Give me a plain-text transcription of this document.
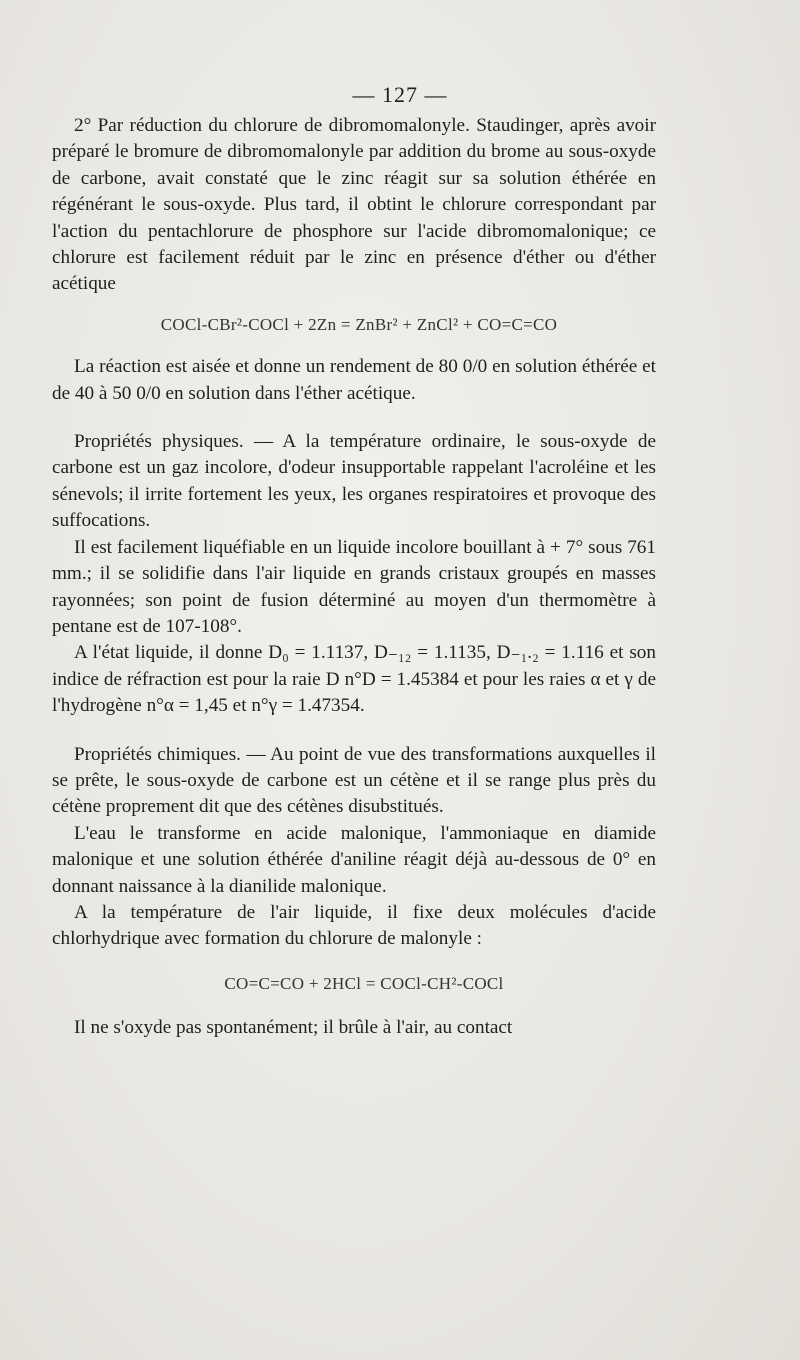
— 127 —

2° Par réduction du chlorure de dibromomalonyle. Staudinger, après avoir préparé le bromure de dibromomalonyle par addition du brome au sous-oxyde de carbone, avait constaté que le zinc réagit sur sa solution éthérée en régénérant le sous-oxyde. Plus tard, il obtint le chlorure correspondant par l'action du pentachlorure de phosphore sur l'acide dibromomalonique; ce chlorure est facilement réduit par le zinc en présence d'éther ou d'éther acétique

COCl-CBr²-COCl + 2Zn = ZnBr² + ZnCl² + CO=C=CO

La réaction est aisée et donne un rendement de 80 0/0 en solution éthérée et de 40 à 50 0/0 en solution dans l'éther acétique.

Propriétés physiques. — A la température ordinaire, le sous-oxyde de carbone est un gaz incolore, d'odeur insupportable rappelant l'acroléine et les sénevols; il irrite fortement les yeux, les organes respiratoires et provoque des suffocations.

Il est facilement liquéfiable en un liquide incolore bouillant à + 7° sous 761 mm.; il se solidifie dans l'air liquide en grands cristaux groupés en masses rayonnées; son point de fusion déterminé au moyen d'un thermomètre à pentane est de 107-108°.

A l'état liquide, il donne D₀ = 1.1137, D₋₁₂ = 1.1135, D₋₁.₂ = 1.116 et son indice de réfraction est pour la raie D n°D = 1.45384 et pour les raies α et γ de l'hydrogène n°α = 1,45 et n°γ = 1.47354.

Propriétés chimiques. — Au point de vue des transformations auxquelles il se prête, le sous-oxyde de carbone est un cétène et il se range plus près du cétène proprement dit que des cétènes disubstitués.

L'eau le transforme en acide malonique, l'ammoniaque en diamide malonique et une solution éthérée d'aniline réagit déjà au-dessous de 0° en donnant naissance à la dianilide malonique.

A la température de l'air liquide, il fixe deux molécules d'acide chlorhydrique avec formation du chlorure de malonyle :

CO=C=CO + 2HCl = COCl-CH²-COCl

Il ne s'oxyde pas spontanément; il brûle à l'air, au contact
